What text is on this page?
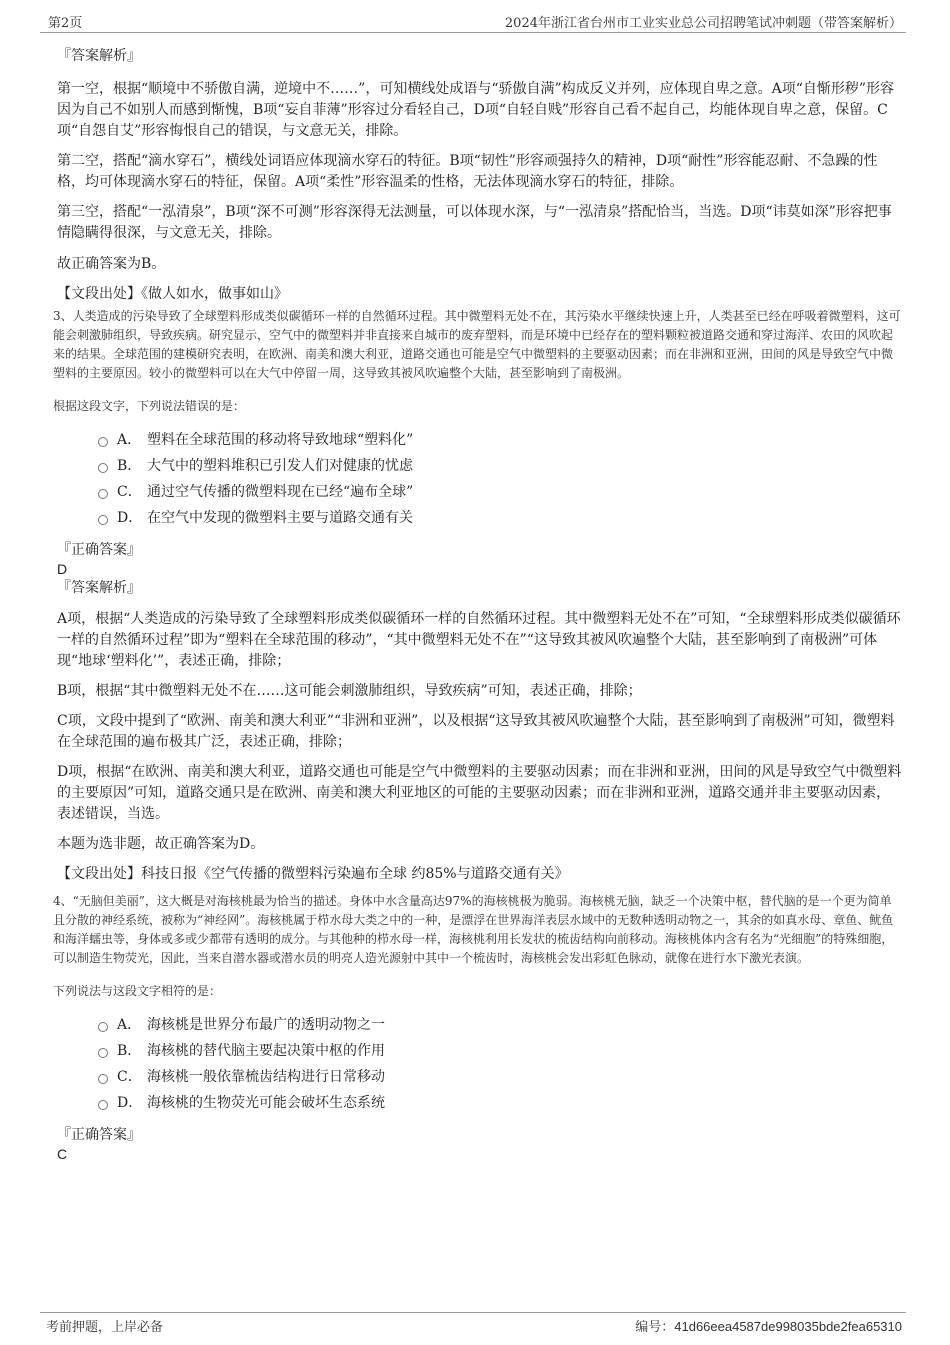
第2页	2024年浙江省台州市工业实业总公司招聘笔试冲刺题（带答案解析）

『答案解析』

第一空，根据“顺境中不骄傲自满，逆境中不……”，可知横线处成语与“骄傲自满”构成反义并列，应体现自卑之意。A项“自惭形秽”形容因为自己不如别人而感到惭愧，B项“妄自菲薄”形容过分看轻自己，D项“自轻自贱”形容自己看不起自己，均能体现自卑之意，保留。C项“自怨自艾”形容悔恨自己的错误，与文意无关，排除。

第二空，搭配“滴水穿石”，横线处词语应体现滴水穿石的特征。B项“韧性”形容顽强持久的精神，D项“耐性”形容能忍耐、不急躁的性格，均可体现滴水穿石的特征，保留。A项“柔性”形容温柔的性格，无法体现滴水穿石的特征，排除。

第三空，搭配“一泓清泉”，B项“深不可测”形容深得无法测量，可以体现水深，与“一泓清泉”搭配恰当，当选。D项“讳莫如深”形容把事情隐瞒得很深，与文意无关，排除。

故正确答案为B。

【文段出处】《做人如水，做事如山》

3、人类造成的污染导致了全球塑料形成类似碳循环一样的自然循环过程。其中微塑料无处不在，其污染水平继续快速上升，人类甚至已经在呼吸着微塑料，这可能会刺激肺组织，导致疾病。研究显示，空气中的微塑料并非直接来自城市的废弃塑料，而是环境中已经存在的塑料颗粒被道路交通和穿过海洋、农田的风吹起来的结果。全球范围的建模研究表明，在欧洲、南美和澳大利亚，道路交通也可能是空气中微塑料的主要驱动因素；而在非洲和亚洲，田间的风是导致空气中微塑料的主要原因。较小的微塑料可以在大气中停留一周，这导致其被风吹遍整个大陆，甚至影响到了南极洲。

根据这段文字，下列说法错误的是：

A． 塑料在全球范围的移动将导致地球“塑料化”
B． 大气中的塑料堆积已引发人们对健康的忧虑
C． 通过空气传播的微塑料现在已经“遍布全球”
D． 在空气中发现的微塑料主要与道路交通有关

『正确答案』

D

『答案解析』

A项，根据“人类造成的污染导致了全球塑料形成类似碳循环一样的自然循环过程。其中微塑料无处不在”可知，“全球塑料形成类似碳循环一样的自然循环过程”即为“塑料在全球范围的移动”，“其中微塑料无处不在”“这导致其被风吹遍整个大陆，甚至影响到了南极洲”可体现“地球‘塑料化’”，表述正确，排除；

B项，根据“其中微塑料无处不在……这可能会刺激肺组织，导致疾病”可知，表述正确，排除；

C项，文段中提到了“欧洲、南美和澳大利亚”“非洲和亚洲”，以及根据“这导致其被风吹遍整个大陆，甚至影响到了南极洲”可知，微塑料在全球范围的遍布极其广泛，表述正确，排除；

D项，根据“在欧洲、南美和澳大利亚，道路交通也可能是空气中微塑料的主要驱动因素；而在非洲和亚洲，田间的风是导致空气中微塑料的主要原因”可知，道路交通只是在欧洲、南美和澳大利亚地区的可能的主要驱动因素；而在非洲和亚洲，道路交通并非主要驱动因素，表述错误，当选。

本题为选非题，故正确答案为D。

【文段出处】科技日报《空气传播的微塑料污染遍布全球 约85%与道路交通有关》

4、“无脑但美丽”，这大概是对海核桃最为恰当的描述。身体中水含量高达97%的海核桃极为脆弱。海核桃无脑，缺乏一个决策中枢，替代脑的是一个更为简单且分散的神经系统，被称为“神经网”。海核桃属于栉水母大类之中的一种，是漂浮在世界海洋表层水域中的无数种透明动物之一，其余的如真水母、章鱼、鱿鱼和海洋蠕虫等，身体或多或少都带有透明的成分。与其他种的栉水母一样，海核桃利用长发状的梳齿结构向前移动。海核桃体内含有名为“光细胞”的特殊细胞，可以制造生物荧光，因此，当来自潜水器或潜水员的明亮人造光源射中其中一个梳齿时，海核桃会发出彩虹色脉动，就像在进行水下激光表演。

下列说法与这段文字相符的是：

A． 海核桃是世界分布最广的透明动物之一
B． 海核桃的替代脑主要起决策中枢的作用
C． 海核桃一般依靠梳齿结构进行日常移动
D． 海核桃的生物荧光可能会破坏生态系统

『正确答案』

C

考前押题，上岸必备	编号：41d66eea4587de998035bde2fea65310
